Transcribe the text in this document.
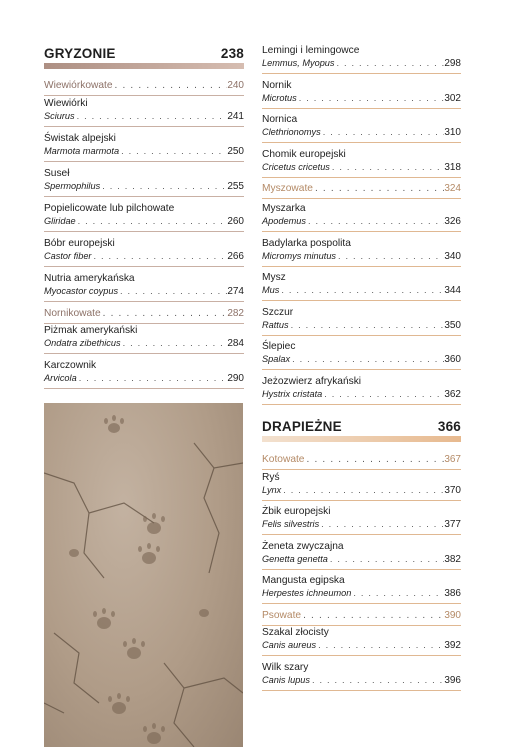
GRYZONIE	238
Wiewiórkowate . . .	240
Wiewiórki
Sciurus . . .	241
Świstak alpejski
Marmota marmota . . .	250
Suseł
Spermophilus . . .	255
Popielicowate lub pilchowate
Gliridae . . .	260
Bóbr europejski
Castor fiber . . .	266
Nutria amerykańska
Myocastor coypus . . .	274
Nornikowate . . .	282
Piżmak amerykański
Ondatra zibethicus . . .	284
Karczownik
Arvicola . . .	290
Lemingi i lemingowce
Lemmus, Myopus . . .	298
Nornik
Microtus . . .	302
Nornica
Clethrionomys . . .	310
Chomik europejski
Cricetus cricetus . . .	318
Myszowate . . .	324
Myszarka
Apodemus . . .	326
Badylarka pospolita
Micromys minutus . . .	340
Mysz
Mus . . .	344
Szczur
Rattus . . .	350
Ślepiec
Spalax . . .	360
Jeżozwierz afrykański
Hystrix cristata . . .	362
DRAPIEŻNE	366
Kotowate . . .	367
Ryś
Lynx . . .	370
Żbik europejski
Felis silvestris . . .	377
Żeneta zwyczajna
Genetta genetta . . .	382
Mangusta egipska
Herpestes ichneumon . . .	386
Psowate . . .	390
Szakal złocisty
Canis aureus . . .	392
Wilk szary
Canis lupus . . .	396
